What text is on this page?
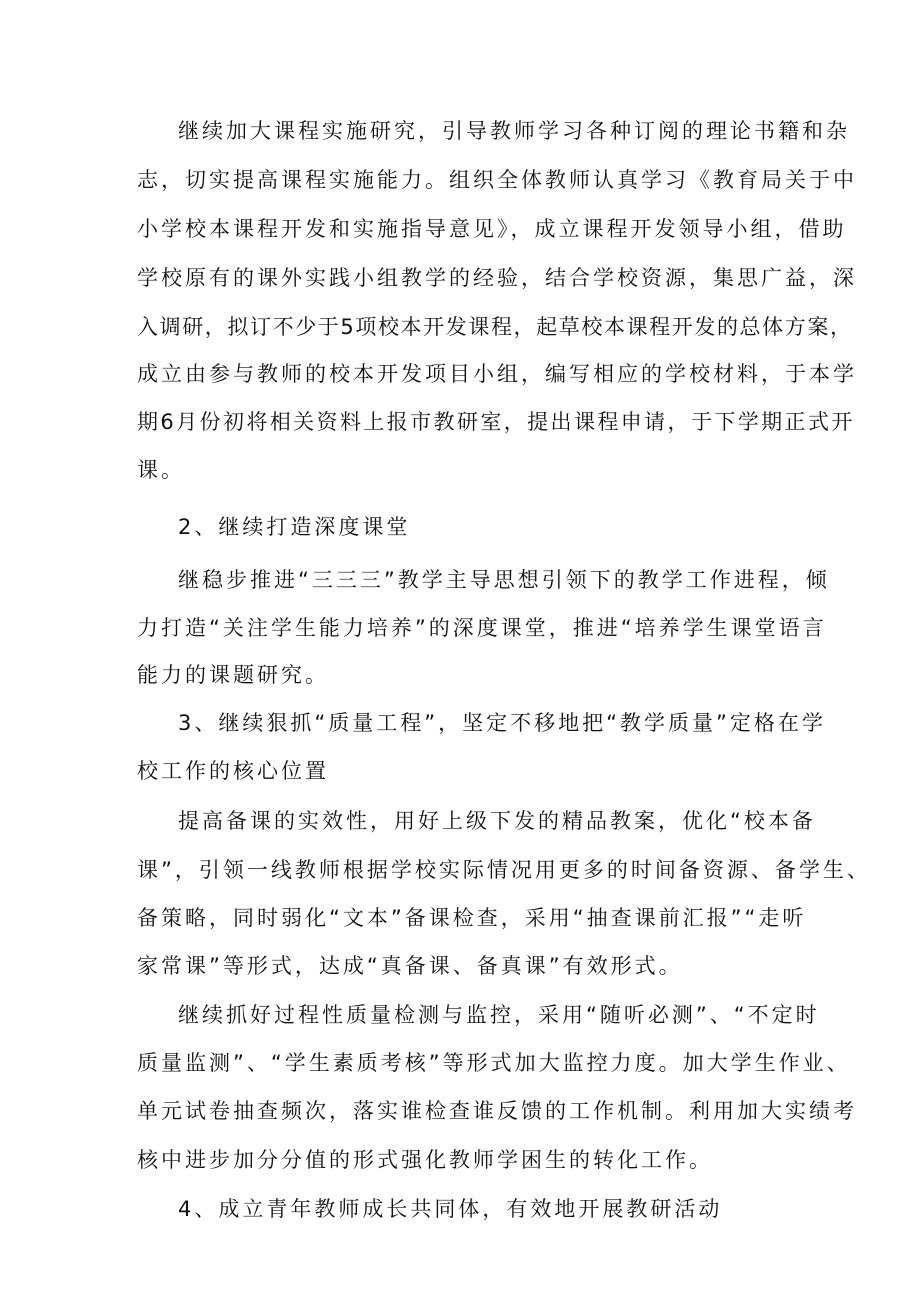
继续加大课程实施研究，引导教师学习各种订阅的理论书籍和杂
志，切实提高课程实施能力。组织全体教师认真学习《教育局关于中
小学校本课程开发和实施指导意见》，成立课程开发领导小组，借助
学校原有的课外实践小组教学的经验，结合学校资源，集思广益，深
入调研，拟订不少于5项校本开发课程，起草校本课程开发的总体方案，
成立由参与教师的校本开发项目小组，编写相应的学校材料，于本学
期6月份初将相关资料上报市教研室，提出课程申请，于下学期正式开
课。
2、继续打造深度课堂
继稳步推进“三三三”教学主导思想引领下的教学工作进程，倾
力打造“关注学生能力培养”的深度课堂，推进“培养学生课堂语言
能力的课题研究。
3、继续狠抓“质量工程”，坚定不移地把“教学质量”定格在学
校工作的核心位置
提高备课的实效性，用好上级下发的精品教案，优化“校本备
课”，引领一线教师根据学校实际情况用更多的时间备资源、备学生、
备策略，同时弱化“文本”备课检查，采用“抽查课前汇报”“走听
家常课”等形式，达成“真备课、备真课”有效形式。
继续抓好过程性质量检测与监控，采用“随听必测”、“不定时
质量监测”、“学生素质考核”等形式加大监控力度。加大学生作业、
单元试卷抽查频次，落实谁检查谁反馈的工作机制。利用加大实绩考
核中进步加分分值的形式强化教师学困生的转化工作。
4、成立青年教师成长共同体，有效地开展教研活动
